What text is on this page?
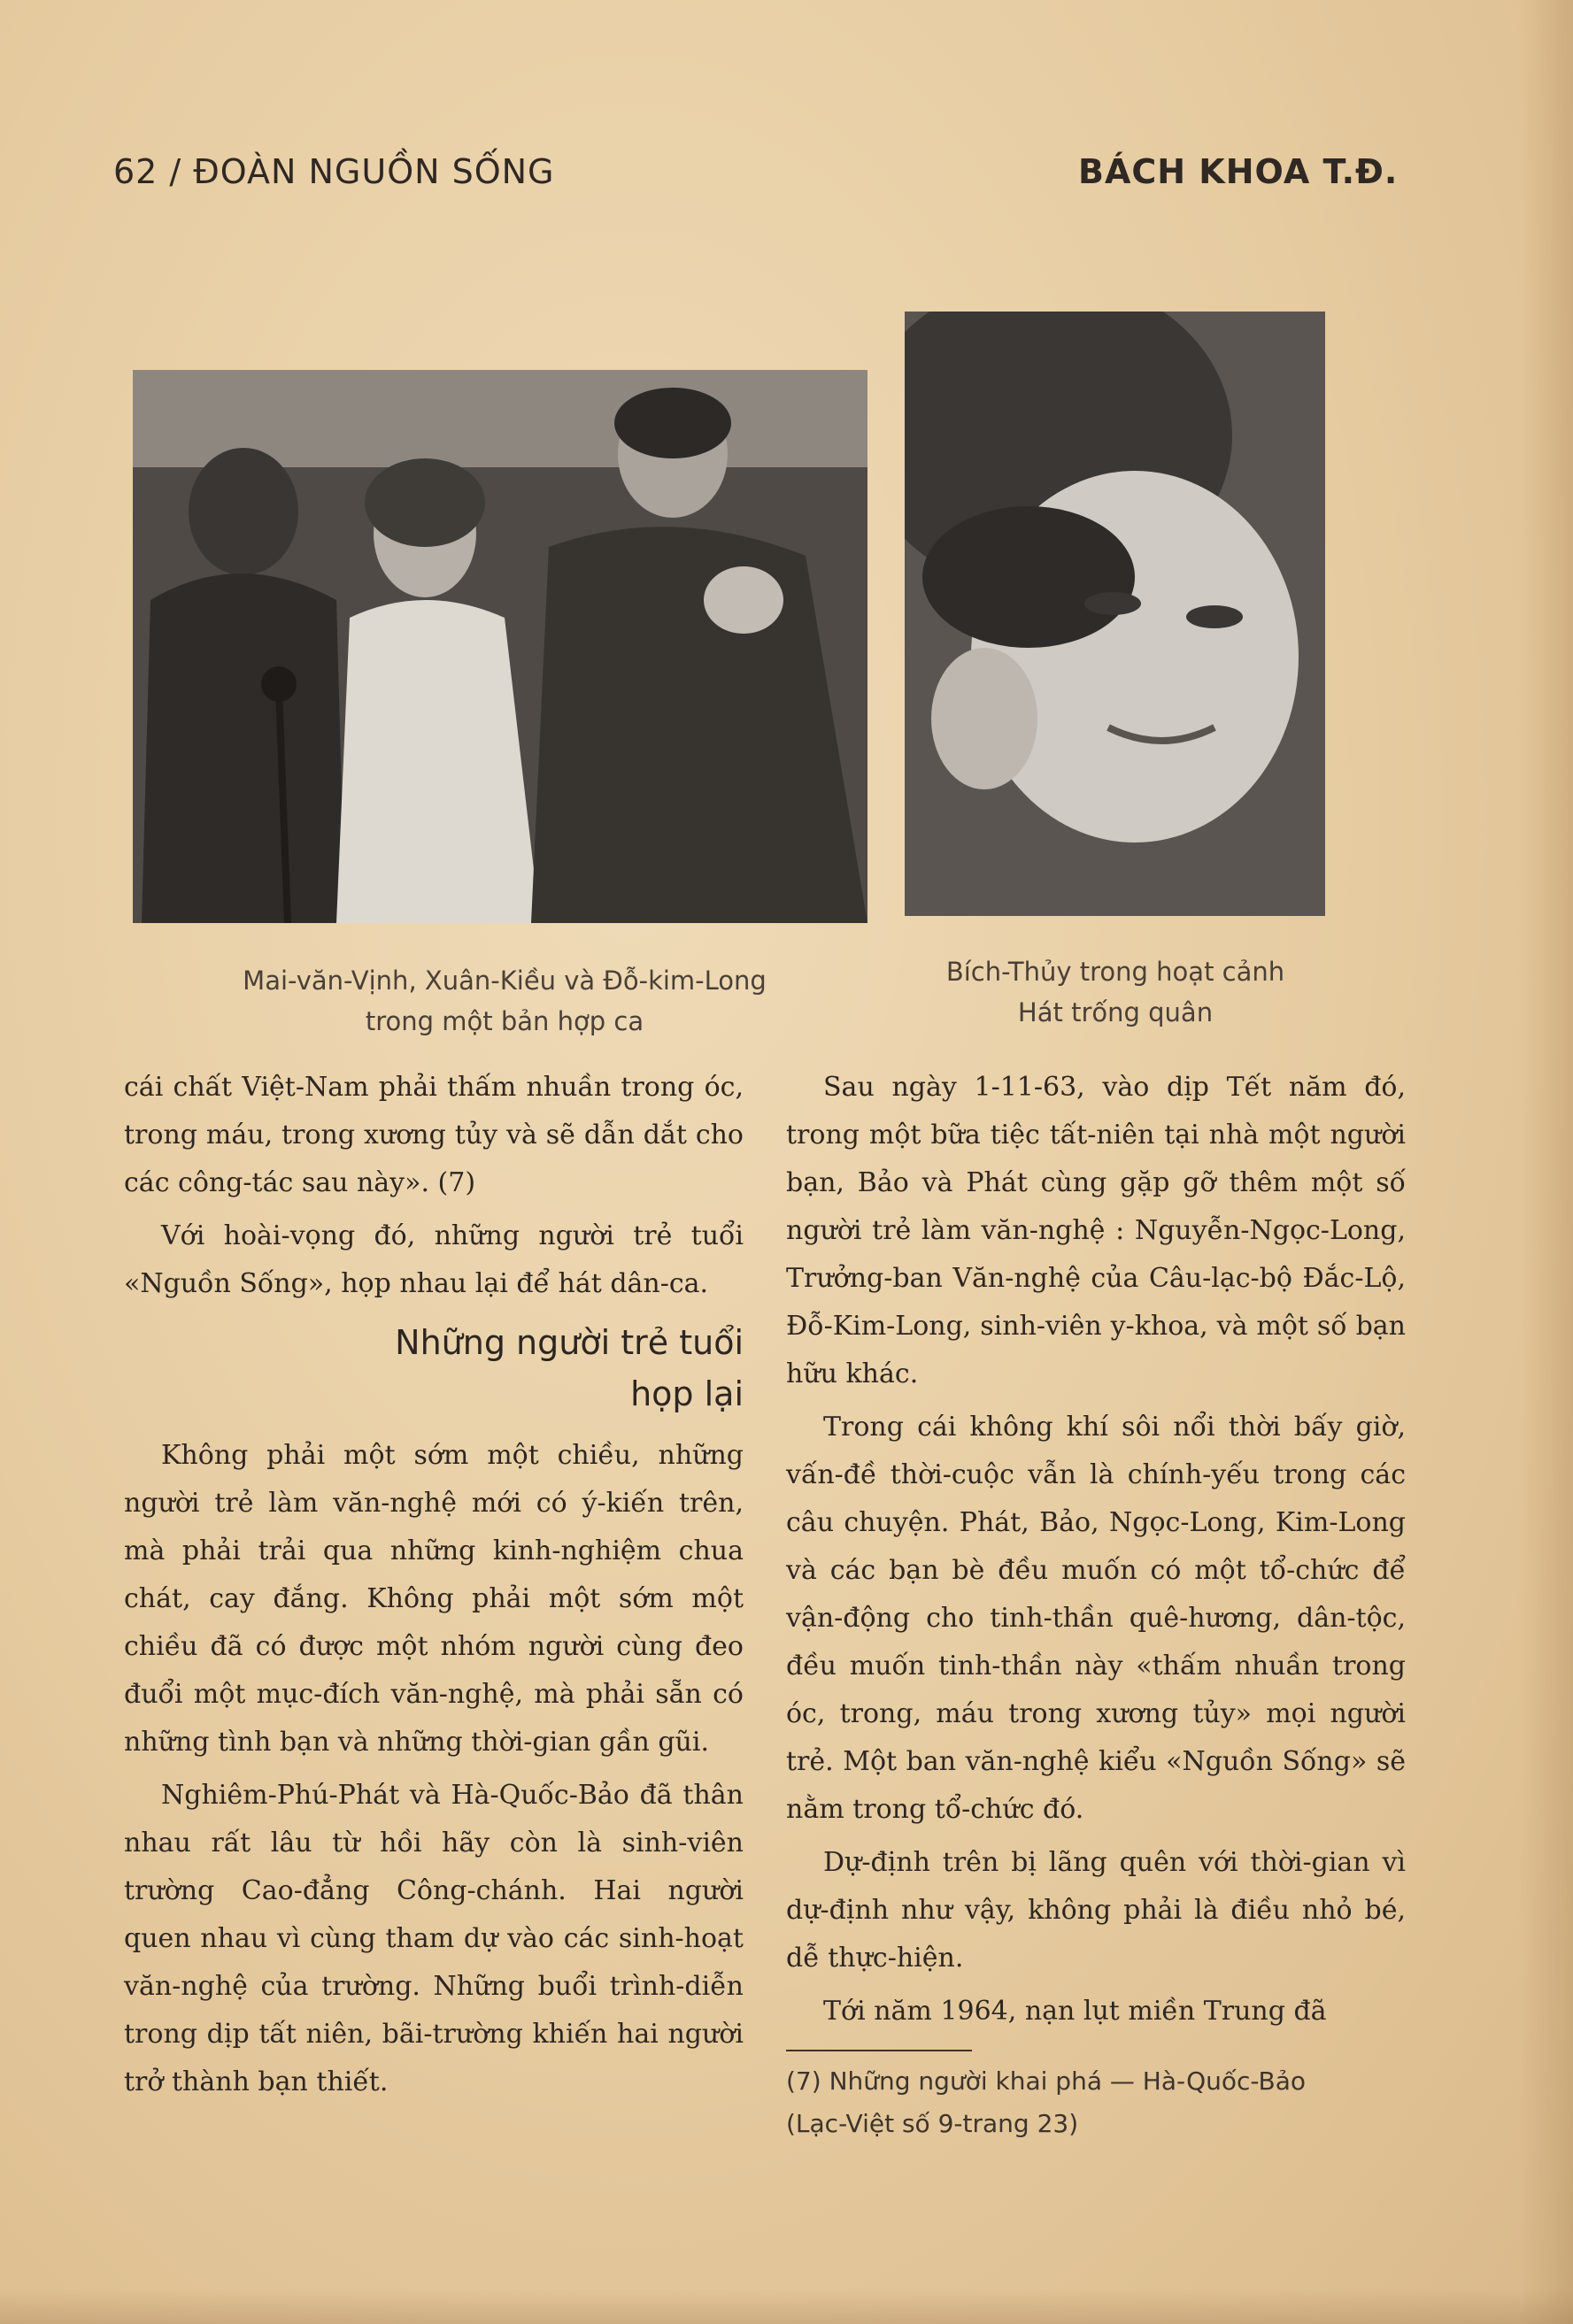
62 / ĐOÀN NGUỒN SỐNG	BÁCH KHOA T.Đ.
Mai-văn-Vịnh, Xuân-Kiều và Đỗ-kim-Long
trong một bản hợp ca
Bích-Thủy trong hoạt cảnh
Hát trống quân

cái chất Việt-Nam phải thấm nhuần trong óc, trong máu, trong xương tủy và sẽ dẫn dắt cho các công-tác sau này». (7)

Với hoài-vọng đó, những người trẻ tuổi «Nguồn Sống», họp nhau lại để hát dân-ca.

Những người trẻ tuổi
họp lại

Không phải một sớm một chiều, những người trẻ làm văn-nghệ mới có ý-kiến trên, mà phải trải qua những kinh-nghiệm chua chát, cay đắng. Không phải một sớm một chiều đã có được một nhóm người cùng đeo đuổi một mục-đích văn-nghệ, mà phải sẵn có những tình bạn và những thời-gian gần gũi.

Nghiêm-Phú-Phát và Hà-Quốc-Bảo đã thân nhau rất lâu từ hồi hãy còn là sinh-viên trường Cao-đẳng Công-chánh. Hai người quen nhau vì cùng tham dự vào các sinh-hoạt văn-nghệ của trường. Những buổi trình-diễn trong dịp tất niên, bãi-trường khiến hai người trở thành bạn thiết.

Sau ngày 1-11-63, vào dịp Tết năm đó, trong một bữa tiệc tất-niên tại nhà một người bạn, Bảo và Phát cùng gặp gỡ thêm một số người trẻ làm văn-nghệ : Nguyễn-Ngọc-Long, Trưởng-ban Văn-nghệ của Câu-lạc-bộ Đắc-Lộ, Đỗ-Kim-Long, sinh-viên y-khoa, và một số bạn hữu khác.

Trong cái không khí sôi nổi thời bấy giờ, vấn-đề thời-cuộc vẫn là chính-yếu trong các câu chuyện. Phát, Bảo, Ngọc-Long, Kim-Long và các bạn bè đều muốn có một tổ-chức để vận-động cho tinh-thần quê-hương, dân-tộc, đều muốn tinh-thần này «thấm nhuần trong óc, trong, máu trong xương tủy» mọi người trẻ. Một ban văn-nghệ kiểu «Nguồn Sống» sẽ nằm trong tổ-chức đó.

Dự-định trên bị lãng quên với thời-gian vì dự-định như vậy, không phải là điều nhỏ bé, dễ thực-hiện.

Tới năm 1964, nạn lụt miền Trung đã

(7) Những người khai phá — Hà-Quốc-Bảo
(Lạc-Việt số 9-trang 23)
